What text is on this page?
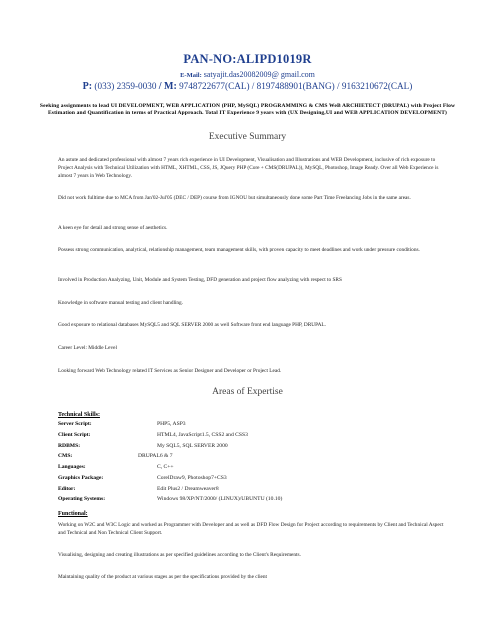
PAN-NO:ALIPD1019R
E-Mail: satyajit.das20082009@ gmail.com
P: (033) 2359-0030 / M: 9748722677(CAL) / 8197488901(BANG) / 9163210672(CAL)
Seeking assignments to lead UI DEVELOPMENT, WEB APPLICATION (PHP, MySQL) PROGRAMMING & CMS WeB ARCHIETECT (DRUPAL) with Project Flow Estimation and Quantification in terms of Practical Approach. Total IT Experience 9 years with (UX Designing,UI and WEB APPLICATION DEVELOPMENT)
Executive Summary
An astute and dedicated professional with almost 7 years rich experience in UI Development, Visualisation and Illustrations and WEB Development, inclusive of rich exposure to Project Analysis with Technical Utilization with HTML, XHTML, CSS, JS, JQuery PHP (Core + CMS(DRUPAL)), MySQL, Photoshop, Image Ready. Over all Web Experience is almost 7 years in Web Technology.
Did not work fulltime due to MCA from Jan'02-Jul'05 (DEC / DEP) course from IGNOU but simultaneously done some Part Time Freelancing Jobs in the same areas.
A keen eye for detail and strong sense of aesthetics.
Possess strong communication, analytical, relationship management, team management skills, with proven capacity to meet deadlines and work under pressure conditions.
Involved in Production Analyzing, Unit, Module and System Testing, DFD generation and project flow analyzing with respect to SRS
Knowledge in software manual testing and client handling.
Good exposure to relational databases MySQL5 and SQL SERVER 2000 as well Software front end language PHP, DRUPAL.
Career Level: Middle Level
Looking forward Web Technology related IT Services as Senior Designer and Developer or Project Lead.
Areas of Expertise
Technical Skills:
Server Script:	PHP5, ASP3
Client Script:	HTML4, JavaScript1.5, CSS2 and CSS3
RDBMS:	My SQL5, SQL SERVER 2000
CMS:	DRUPAL6 & 7
Languages:	C, C++
Graphics Package:	CorelDraw9, Photoshop7+CS3
Editor:	Edit Plus2 / Dreamweaver8
Operating Systems:	Windows 98/XP/NT/2000/ (LINUX)/UBUNTU (10.10)
Functional:
Working on W2C and W3C Logic and worked as Programmer with Developer and as well as DFD Flow Design for Project according to requirements by Client and Technical Aspect and Technical and Non Technical Client Support.
Visualising, designing and creating illustrations as per specified guidelines according to the Client's Requirements.
Maintaining quality of the product at various stages as per the specifications provided by the client
